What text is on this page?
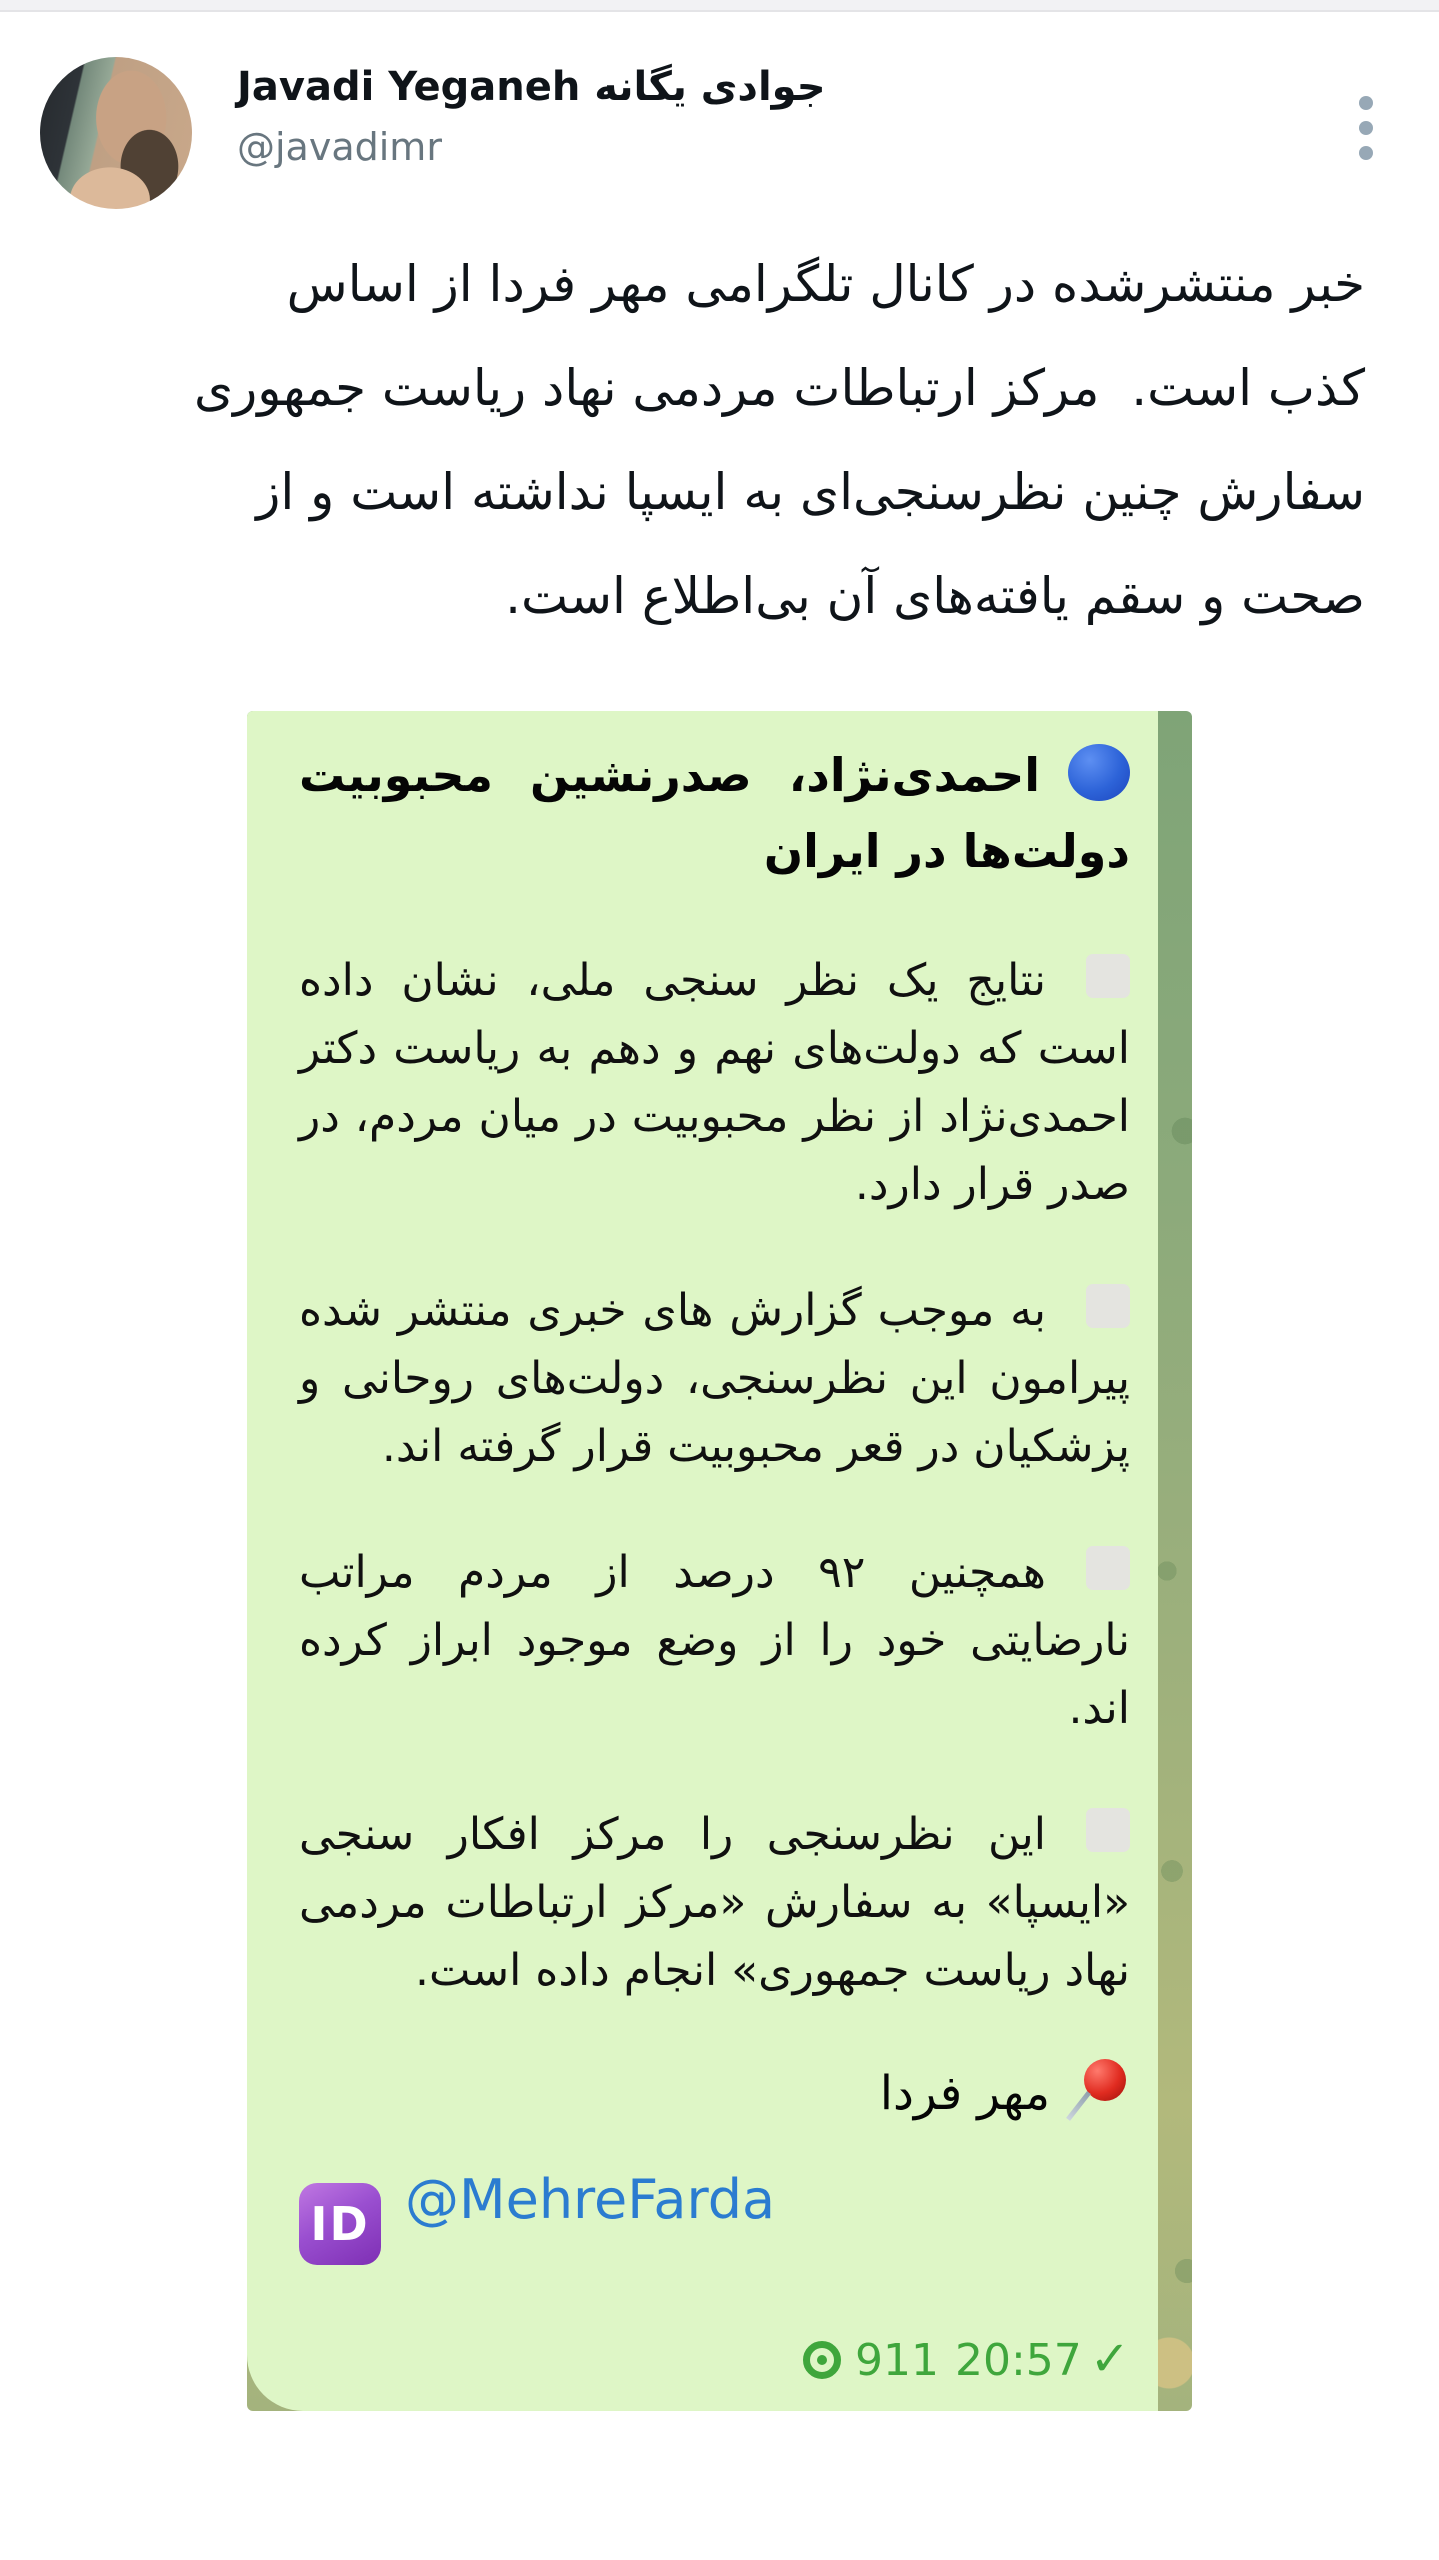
Javadi Yeganeh جوادی یگانه
@javadimr
خبر منتشرشده در کانال تلگرامی مهر فردا از اساس
کذب است.  مرکز ارتباطات مردمی نهاد ریاست جمهوری
سفارش چنین نظرسنجی‌ای به ایسپا نداشته است و از
صحت و سقم یافته‌های آن بی‌اطلاع است.
احمدی‌نژاد، صدرنشین محبوبیت دولت‌ها در ایران
نتایج یک نظر سنجی ملی، نشان داده است که دولت‌های نهم و دهم به ریاست دکتر احمدی‌نژاد از نظر محبوبیت در میان مردم، در صدر قرار دارد.
به موجب گزارش های خبری منتشر شده پیرامون این نظرسنجی، دولت‌های روحانی و پزشکیان در قعر محبوبیت قرار گرفته اند.
همچنین ۹۲ درصد از مردم مراتب نارضایتی خود را از وضع موجود ابراز کرده اند.
این نظرسنجی را مرکز افکار سنجی «ایسپا» به سفارش «مرکز ارتباطات مردمی نهاد ریاست جمهوری» انجام داده است.
مهر فردا
ID @MehreFarda
911 20:57 ✓
